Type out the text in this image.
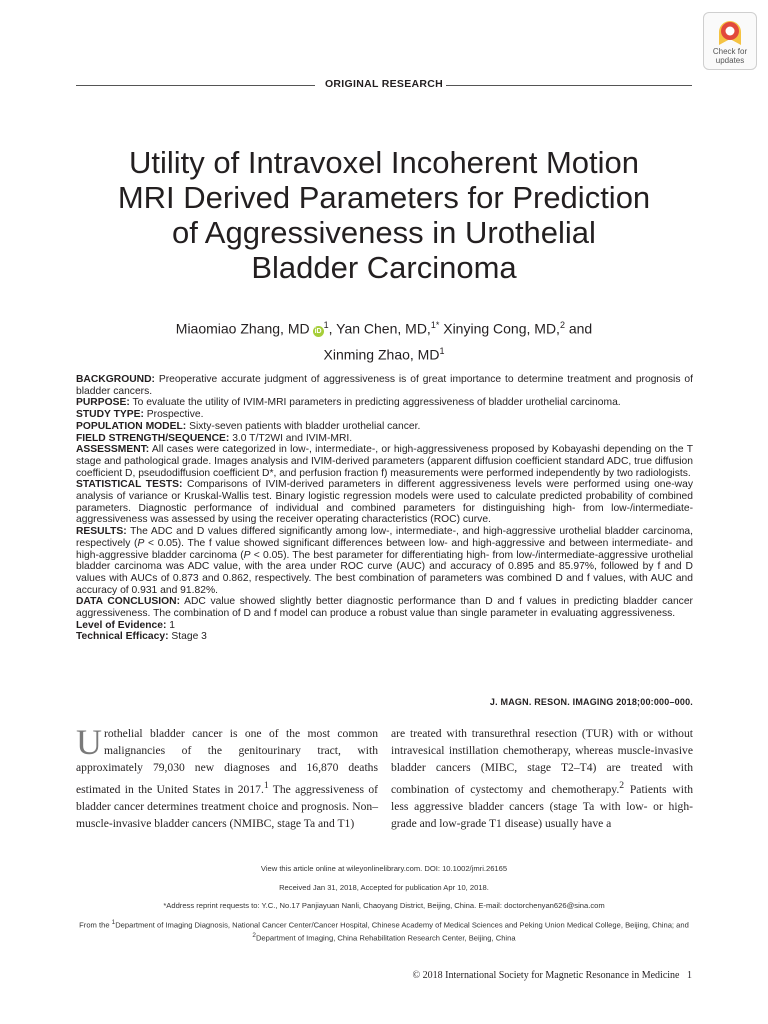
Check for
updates
ORIGINAL RESEARCH
Utility of Intravoxel Incoherent Motion
MRI Derived Parameters for Prediction
of Aggressiveness in Urothelial
Bladder Carcinoma
Miaomiao Zhang, MD $iD^1$, Yan Chen, MD,$^{1*}$ Xinying Cong, MD,$^2$ and
Xinming Zhao, $MD^1$

BACKGROUND: Preoperative accurate judgment of aggressiveness is of great importance to determine treatment and prognosis of bladder cancers.

PURPOSE: To evaluate the utility of IVIM-MRI parameters in predicting aggressiveness of bladder urothelial carcinoma.

STUDY TYPE: Prospective.

POPULATION MODEL: Sixty-seven patients with bladder urothelial cancer.

FIELD STRENGTH/SEQUENCE: 3.0 T/T2WI and IVIM-MRI.

ASSESSMENT: All cases were categorized in low-, intermediate-, or high-aggressiveness proposed by Kobayashi depending on the T stage and pathological grade. Images analysis and IVIM-derived parameters (apparent diffusion coefficient standard ADC, true diffusion coefficient D, pseudodiffusion coefficient D*, and perfusion fraction f) measurements were performed independently by two radiologists.

STATISTICAL TESTS: Comparisons of IVIM-derived parameters in different aggressiveness levels were performed using one-way analysis of variance or Kruskal-Wallis test. Binary logistic regression models were used to calculate predicted probability of combined parameters. Diagnostic performance of individual and combined parameters for distinguishing high- from low-/intermediate-aggressiveness was assessed by using the receiver operating characteristics (ROC) curve.

RESULTS: The ADC and D values differed significantly among low-, intermediate-, and high-aggressive urothelial bladder carcinoma, respectively (P < 0.05). The f value showed significant differences between low- and high-aggressive and between intermediate- and high-aggressive bladder carcinoma (P < 0.05). The best parameter for differentiating high- from low-/intermediate-aggressive urothelial bladder carcinoma was ADC value, with the area under ROC curve (AUC) and accuracy of 0.895 and 85.97%, followed by f and D values with AUCs of 0.873 and 0.862, respectively. The best combination of parameters was combined D and f values, with AUC and accuracy of 0.931 and 91.82%.

DATA CONCLUSION: ADC value showed slightly better diagnostic performance than D and f values in predicting bladder cancer aggressiveness. The combination of D and f model can produce a robust value than single parameter in evaluating aggressiveness.

Level of Evidence: 1

Technical Efficacy: Stage 3

J. MAGN. RESON. IMAGING 2018;00:000–000.

Urothelial bladder cancer is one of the most common malignancies of the genitourinary tract, with approximately 79,030 new diagnoses and 16,870 deaths estimated in the United States in 2017.$^1$ The aggressiveness of bladder cancer determines treatment choice and prognosis. Non–muscle-invasive bladder cancers (NMIBC, stage Ta and T1)

are treated with transurethral resection (TUR) with or without intravesical instillation chemotherapy, whereas muscle-invasive bladder cancers (MIBC, stage T2–T4) are treated with combination of cystectomy and chemotherapy.$^2$ Patients with less aggressive bladder cancers (stage Ta with low- or high-grade and low-grade T1 disease) usually have a

View this article online at wileyonlinelibrary.com. DOI: 10.1002/jmri.26165

Received Jan 31, 2018, Accepted for publication Apr 10, 2018.

*Address reprint requests to: Y.C., No.17 Panjiayuan Nanli, Chaoyang District, Beijing, China. E-mail: doctorchenyan626@sina.com

From the $^1$Department of Imaging Diagnosis, National Cancer Center/Cancer Hospital, Chinese Academy of Medical Sciences and Peking Union Medical College, Beijing, China; and $^2$Department of Imaging, China Rehabilitation Research Center, Beijing, China

© 2018 International Society for Magnetic Resonance in Medicine 1
